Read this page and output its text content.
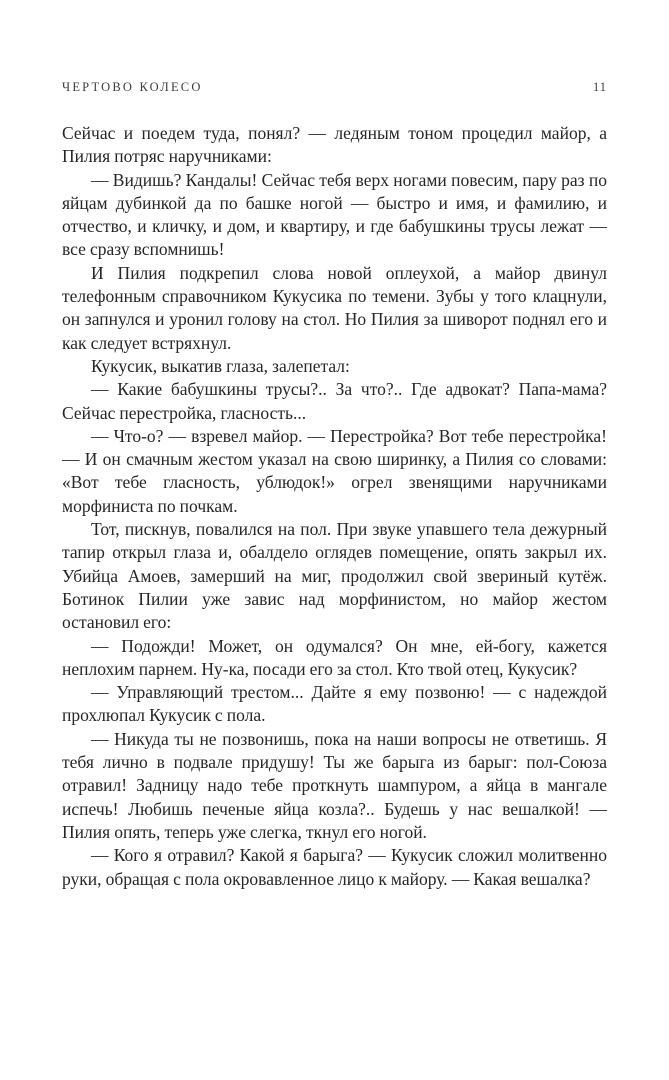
ЧЕРТОВО КОЛЕСО	11

Сейчас и поедем туда, понял? — ледяным тоном процедил майор, а Пилия потряс наручниками:

— Видишь? Кандалы! Сейчас тебя верх ногами повесим, пару раз по яйцам дубинкой да по башке ногой — быстро и имя, и фамилию, и отчество, и кличку, и дом, и квартиру, и где бабушкины трусы лежат — все сразу вспомнишь!

И Пилия подкрепил слова новой оплеухой, а майор двинул телефонным справочником Кукусика по темени. Зубы у того клацнули, он запнулся и уронил голову на стол. Но Пилия за шиворот поднял его и как следует встряхнул.

Кукусик, выкатив глаза, залепетал:

— Какие бабушкины трусы?.. За что?.. Где адвокат? Папа-мама? Сейчас перестройка, гласность...

— Что-о? — взревел майор. — Перестройка? Вот тебе перестройка! — И он смачным жестом указал на свою ширинку, а Пилия со словами: «Вот тебе гласность, ублюдок!» огрел звенящими наручниками морфиниста по почкам.

Тот, пискнув, повалился на пол. При звуке упавшего тела дежурный тапир открыл глаза и, обалдело оглядев помещение, опять закрыл их. Убийца Амоев, замерший на миг, продолжил свой звериный кутёж. Ботинок Пилии уже завис над морфинистом, но майор жестом остановил его:

— Подожди! Может, он одумался? Он мне, ей-богу, кажется неплохим парнем. Ну-ка, посади его за стол. Кто твой отец, Кукусик?

— Управляющий трестом... Дайте я ему позвоню! — с надеждой прохлюпал Кукусик с пола.

— Никуда ты не позвонишь, пока на наши вопросы не ответишь. Я тебя лично в подвале придушу! Ты же барыга из барыг: пол-Союза отравил! Задницу надо тебе проткнуть шампуром, а яйца в мангале испечь! Любишь печеные яйца козла?.. Будешь у нас вешалкой! — Пилия опять, теперь уже слегка, ткнул его ногой.

— Кого я отравил? Какой я барыга? — Кукусик сложил молитвенно руки, обращая с пола окровавленное лицо к майору. — Какая вешалка?
